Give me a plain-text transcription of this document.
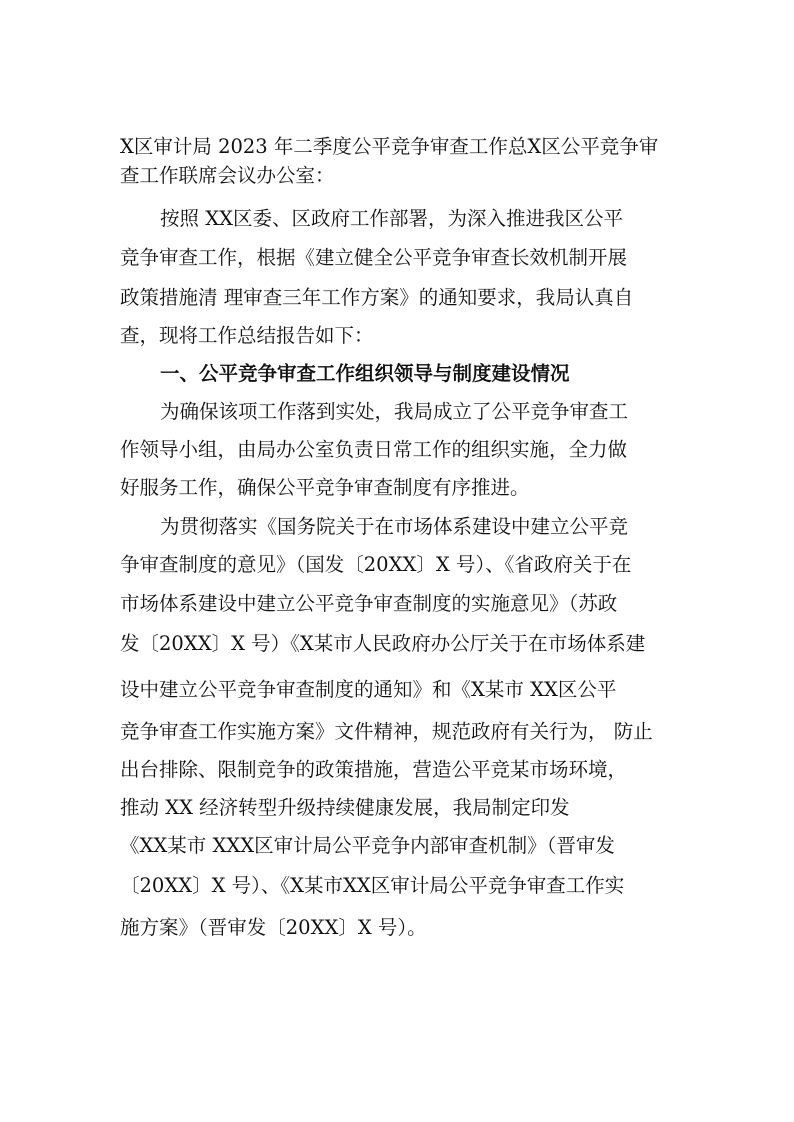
X区审计局 2023 年二季度公平竞争审查工作总X区公平竞争审
查工作联席会议办公室：
按照 XX区委、区政府工作部署，为深入推进我区公平
竞争审查工作，根据《建立健全公平竞争审查长效机制开展
政策措施清 理审查三年工作方案》的通知要求，我局认真自
查，现将工作总结报告如下：
一、公平竞争审查工作组织领导与制度建设情况
为确保该项工作落到实处，我局成立了公平竞争审查工
作领导小组，由局办公室负责日常工作的组织实施，全力做
好服务工作，确保公平竞争审查制度有序推进。
为贯彻落实《国务院关于在市场体系建设中建立公平竞
争审查制度的意见》（国发〔20XX〕X 号）、《省政府关于在
市场体系建设中建立公平竞争审查制度的实施意见》（苏政
发〔20XX〕X 号）《X某市人民政府办公厅关于在市场体系建
设中建立公平竞争审查制度的通知》和《X某市 XX区公平
竞争审查工作实施方案》文件精神，规范政府有关行为， 防止
出台排除、限制竞争的政策措施，营造公平竞某市场环境，
推动 XX 经济转型升级持续健康发展，我局制定印发
《XX某市 XXX区审计局公平竞争内部审查机制》（晋审发
〔20XX〕X 号）、《X某市XX区审计局公平竞争审查工作实
施方案》（晋审发〔20XX〕X 号）。
